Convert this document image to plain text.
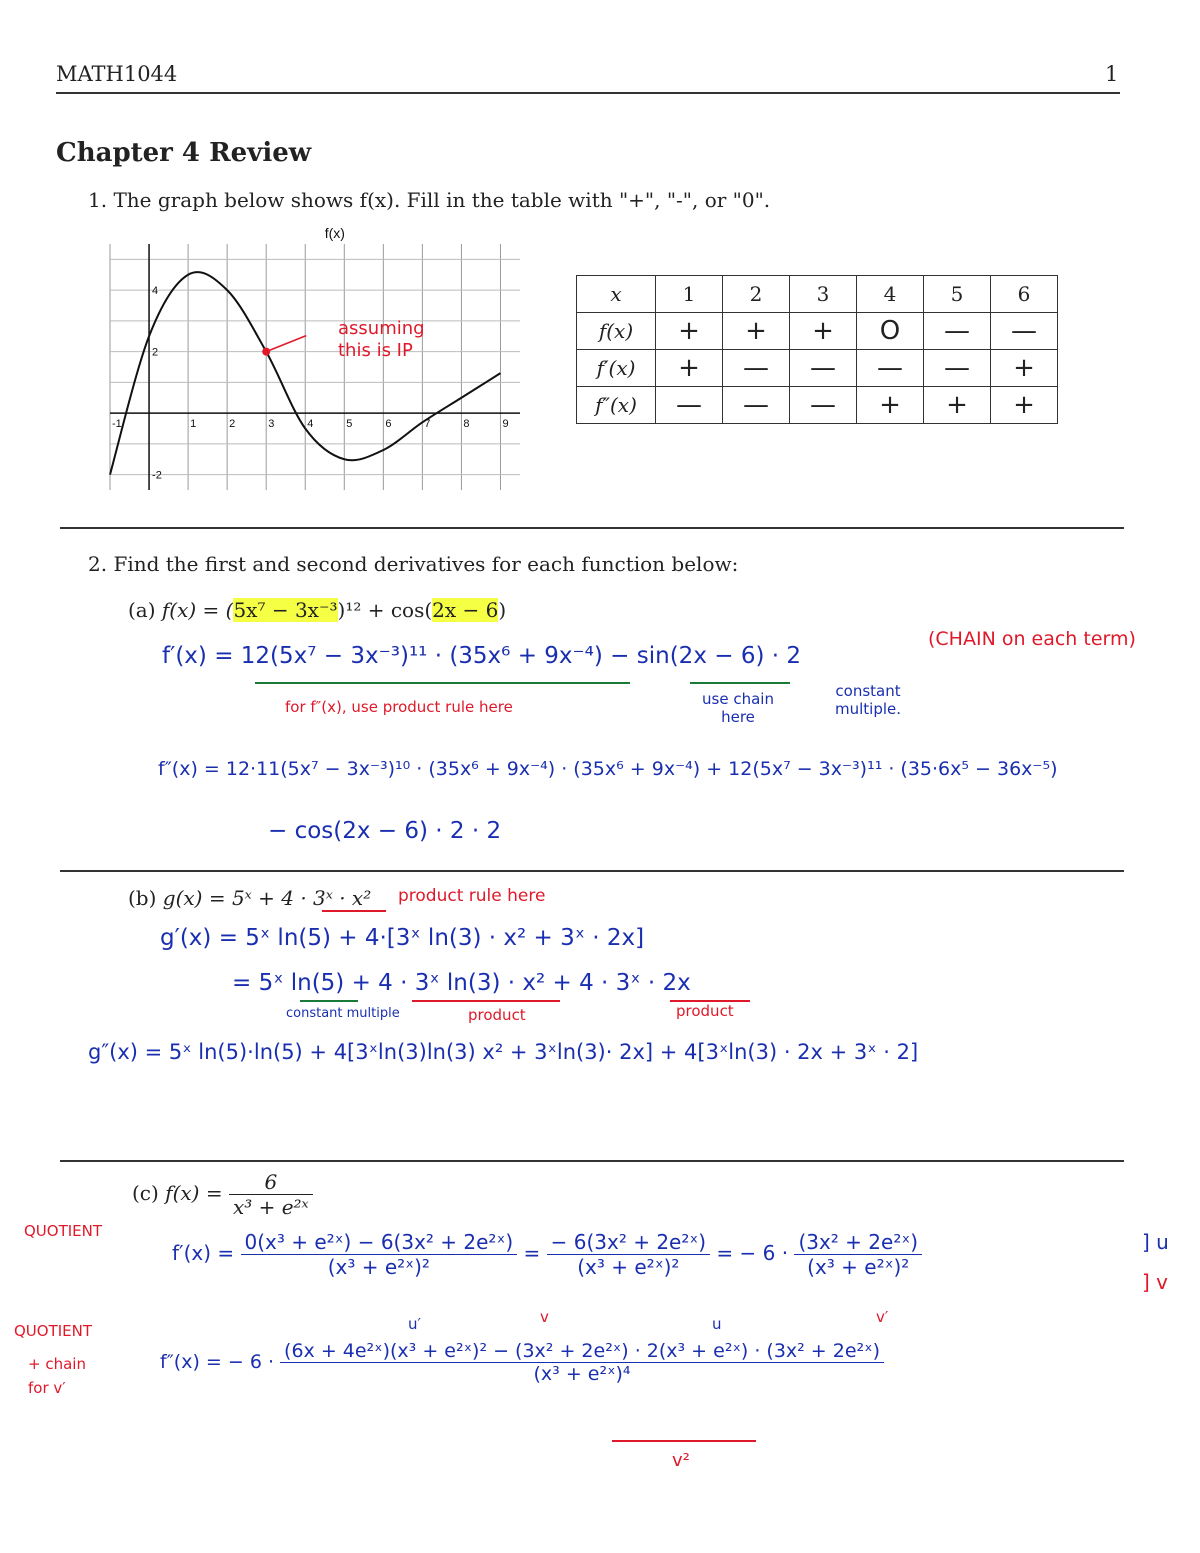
MATH1044	1
Chapter 4 Review
1. The graph below shows f(x). Fill in the table with "+", "-", or "0".
-1	1	2	3	4	5	6	7	8	9
4
2
-2
f(x)
assuming this is IP
x	1	2	3	4	5	6
f(x)	+	+	+	O	—	—
f′(x)	+	—	—	—	—	+
f″(x)	—	—	—	+	+	+
2. Find the first and second derivatives for each function below:
(a) f(x) = (5x⁷ − 3x⁻³)¹² + cos(2x − 6)
(CHAIN on each term)
f′(x) = 12(5x⁷ − 3x⁻³)¹¹ · (35x⁶ + 9x⁻⁴) − sin(2x − 6) · 2
for f″(x), use product rule here	use chain here
constant multiple.
f″(x) = 12·11(5x⁷ − 3x⁻³)¹⁰ · (35x⁶ + 9x⁻⁴) · (35x⁶ + 9x⁻⁴) + 12(5x⁷ − 3x⁻³)¹¹ · (35·6x⁵ − 36x⁻⁵)
− cos(2x − 6) · 2 · 2
(b) g(x) = 5ˣ + 4 · 3ˣ · x² product rule here
g′(x) = 5ˣ ln(5) + 4·[3ˣ ln(3) · x² + 3ˣ · 2x]
= 5ˣ ln(5) + 4 · 3ˣ ln(3) · x² + 4 · 3ˣ · 2x
constant multiple	product	product
g″(x) = 5ˣ ln(5)·ln(5) + 4[3ˣln(3)ln(3) x² + 3ˣln(3)· 2x] + 4[3ˣln(3) · 2x + 3ˣ · 2]
(c) $f(x) = \frac{6}{\text{x³ + e²ˣ}}$
QUOTIENT
QUOTIENT
+ chain for v′
$f'(x) = \frac{\text{0(x³ + e²ˣ) − 6(3x² + 2e²ˣ)}}{\text{(x³ + e²ˣ)²}} = \frac{\text{− 6(3x² + 2e²ˣ)}}{\text{(x³ + e²ˣ)²}}$ = − $6 \cdot \frac{\text{(3x² + 2e²ˣ)}}{\text{(x³ + e²ˣ)²}}$	] u
] v
u′	v	u	v′
f″(x) = − 6 · (6x + 4e²ˣ)(x³ + e²ˣ)² − (3x² + 2e²ˣ) · 2(x³ + e²ˣ) · (3x² + 2e²ˣ)
(x³ + e²ˣ)⁴
v²
